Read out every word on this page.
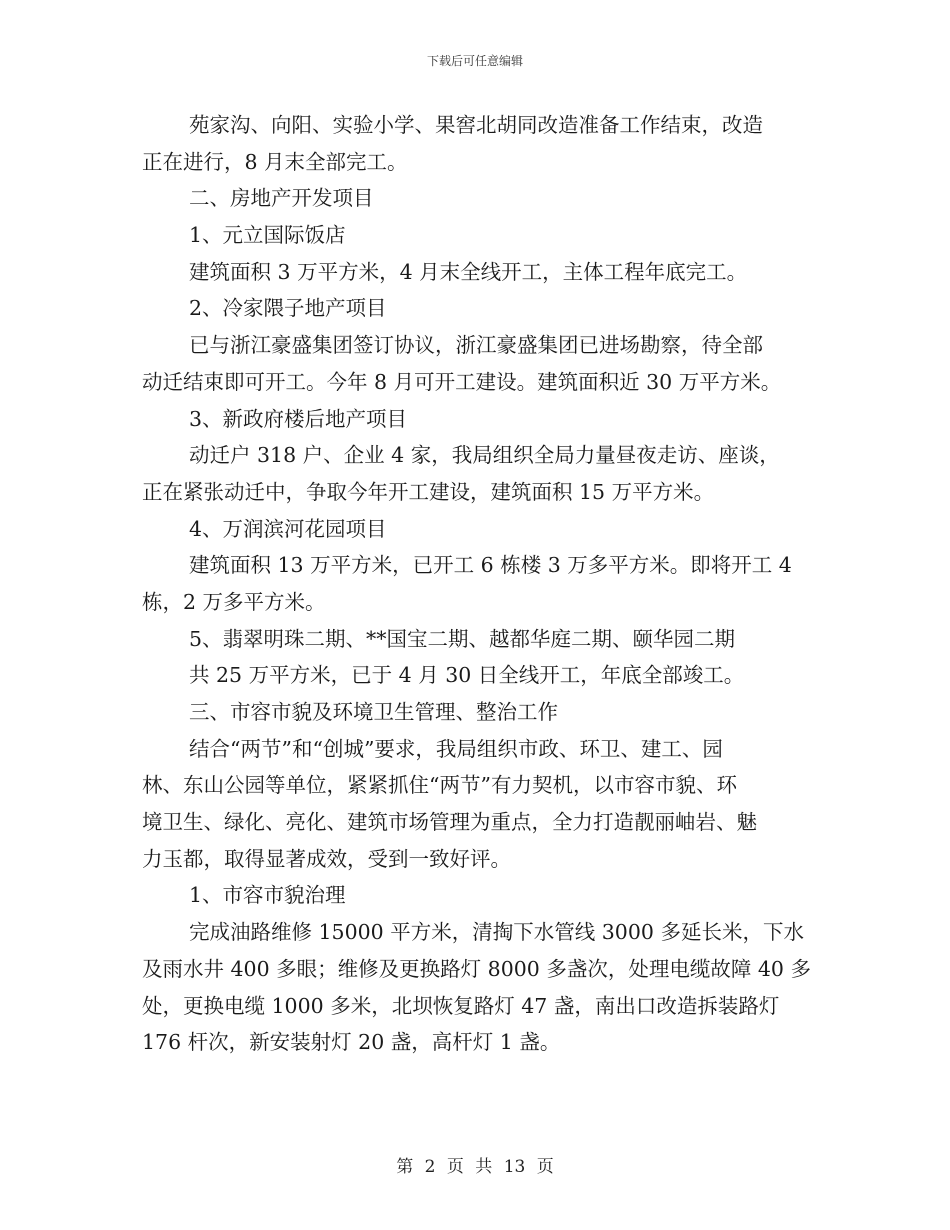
下载后可任意编辑
苑家沟、向阳、实验小学、果窖北胡同改造准备工作结束，改造
正在进行，8 月末全部完工。
二、房地产开发项目
1、元立国际饭店
建筑面积 3 万平方米，4 月末全线开工，主体工程年底完工。
2、冷家隈子地产项目
已与浙江豪盛集团签订协议，浙江豪盛集团已进场勘察，待全部
动迁结束即可开工。今年 8 月可开工建设。建筑面积近 30 万平方米。
3、新政府楼后地产项目
动迁户 318 户、企业 4 家，我局组织全局力量昼夜走访、座谈，
正在紧张动迁中，争取今年开工建设，建筑面积 15 万平方米。
4、万润滨河花园项目
建筑面积 13 万平方米，已开工 6 栋楼 3 万多平方米。即将开工 4
栋，2 万多平方米。
5、翡翠明珠二期、**国宝二期、越都华庭二期、颐华园二期
共 25 万平方米，已于 4 月 30 日全线开工，年底全部竣工。
三、市容市貌及环境卫生管理、整治工作
结合“两节”和“创城”要求，我局组织市政、环卫、建工、园
林、东山公园等单位，紧紧抓住“两节”有力契机，以市容市貌、环
境卫生、绿化、亮化、建筑市场管理为重点，全力打造靓丽岫岩、魅
力玉都，取得显著成效，受到一致好评。
1、市容市貌治理
完成油路维修 15000 平方米，清掏下水管线 3000 多延长米，下水
及雨水井 400 多眼；维修及更换路灯 8000 多盏次，处理电缆故障 40 多
处，更换电缆 1000 多米，北坝恢复路灯 47 盏，南出口改造拆装路灯
176 杆次，新安装射灯 20 盏，高杆灯 1 盏。
第 2 页 共 13 页
